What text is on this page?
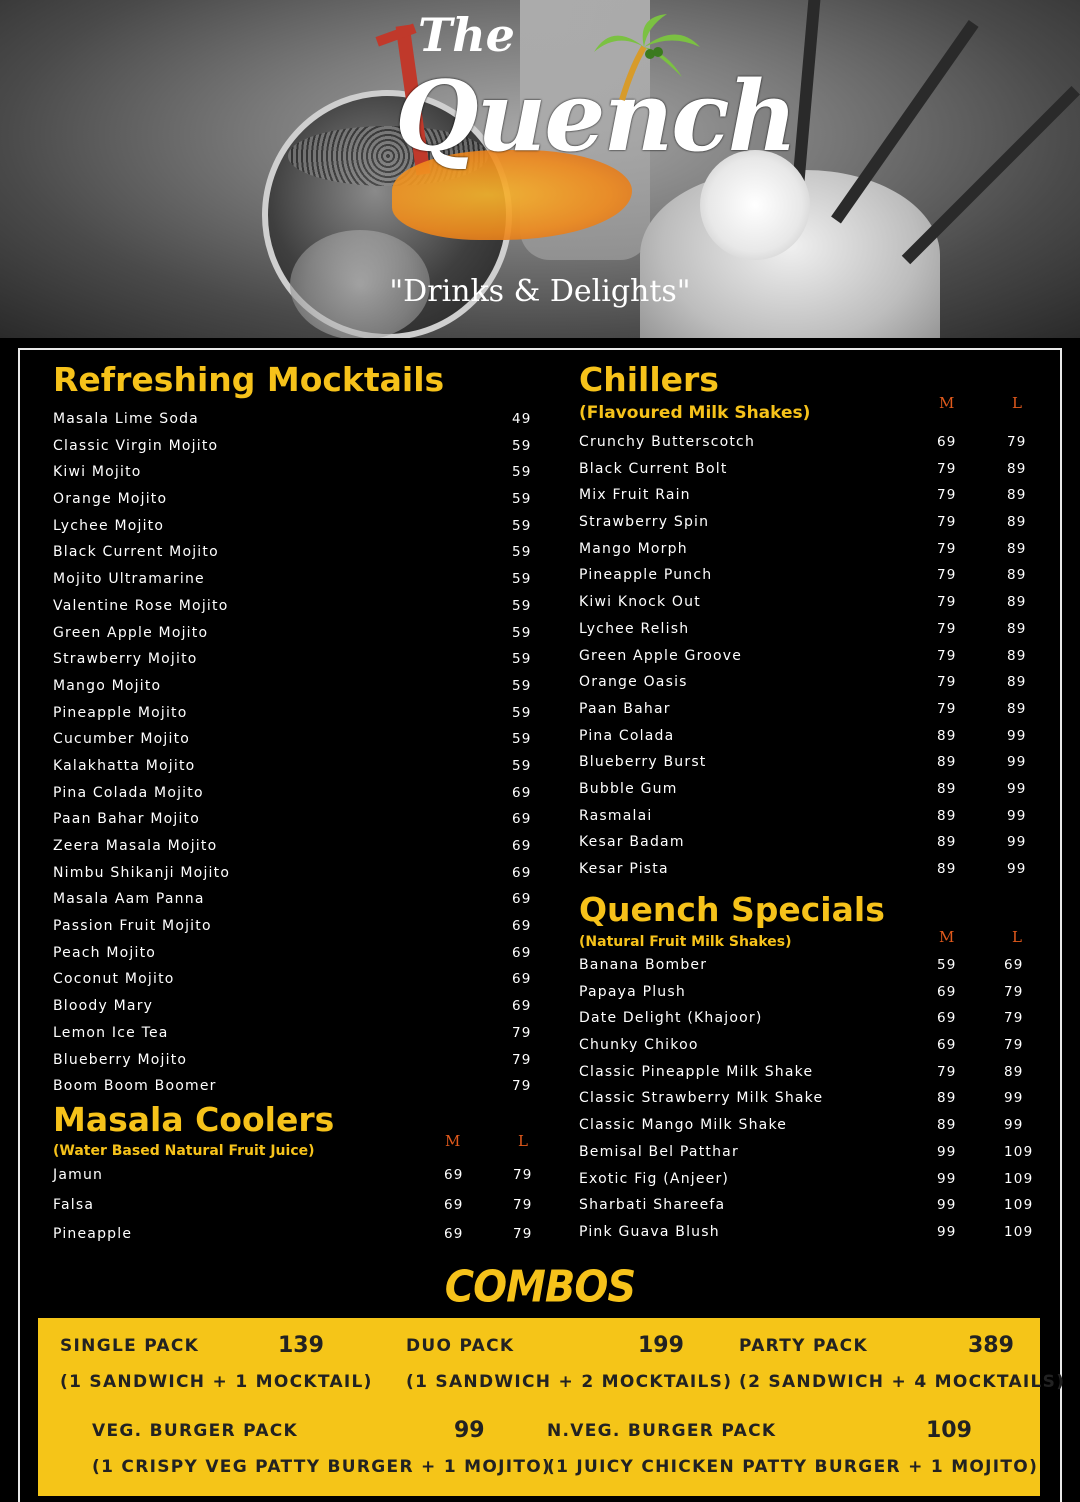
The
Quench
"Drinks & Delights"
Refreshing Mocktails
Masala Lime Soda	49
Classic Virgin Mojito	59
Kiwi Mojito	59
Orange Mojito	59
Lychee Mojito	59
Black Current Mojito	59
Mojito Ultramarine	59
Valentine Rose Mojito	59
Green Apple Mojito	59
Strawberry Mojito	59
Mango Mojito	59
Pineapple Mojito	59
Cucumber Mojito	59
Kalakhatta Mojito	59
Pina Colada Mojito	69
Paan Bahar Mojito	69
Zeera Masala Mojito	69
Nimbu Shikanji Mojito	69
Masala Aam Panna	69
Passion Fruit Mojito	69
Peach Mojito	69
Coconut Mojito	69
Bloody Mary	69
Lemon Ice Tea	79
Blueberry Mojito	79
Boom Boom Boomer	79
Masala Coolers
(Water Based Natural Fruit Juice)
M	L
Jamun	69	79
Falsa	69	79
Pineapple	69	79
Chillers
(Flavoured Milk Shakes)	M	L
Crunchy Butterscotch	69	79
Black Current Bolt	79	89
Mix Fruit Rain	79	89
Strawberry Spin	79	89
Mango Morph	79	89
Pineapple Punch	79	89
Kiwi Knock Out	79	89
Lychee Relish	79	89
Green Apple Groove	79	89
Orange Oasis	79	89
Paan Bahar	79	89
Pina Colada	89	99
Blueberry Burst	89	99
Bubble Gum	89	99
Rasmalai	89	99
Kesar Badam	89	99
Kesar Pista	89	99
Quench Specials
(Natural Fruit Milk Shakes)	M	L
Banana Bomber	59	69
Papaya Plush	69	79
Date Delight (Khajoor)	69	79
Chunky Chikoo	69	79
Classic Pineapple Milk Shake	79	89
Classic Strawberry Milk Shake	89	99
Classic Mango Milk Shake	89	99
Bemisal Bel Patthar	99	109
Exotic Fig (Anjeer)	99	109
Sharbati Shareefa	99	109
Pink Guava Blush	99	109
COMBOS
SINGLE PACK	139
(1 SANDWICH + 1 MOCKTAIL)
DUO PACK	199
(1 SANDWICH + 2 MOCKTAILS)
PARTY PACK	389
(2 SANDWICH + 4 MOCKTAILS)
VEG. BURGER PACK	99
(1 CRISPY VEG PATTY BURGER + 1 MOJITO)
N.VEG. BURGER PACK	109
(1 JUICY CHICKEN PATTY BURGER + 1 MOJITO)
